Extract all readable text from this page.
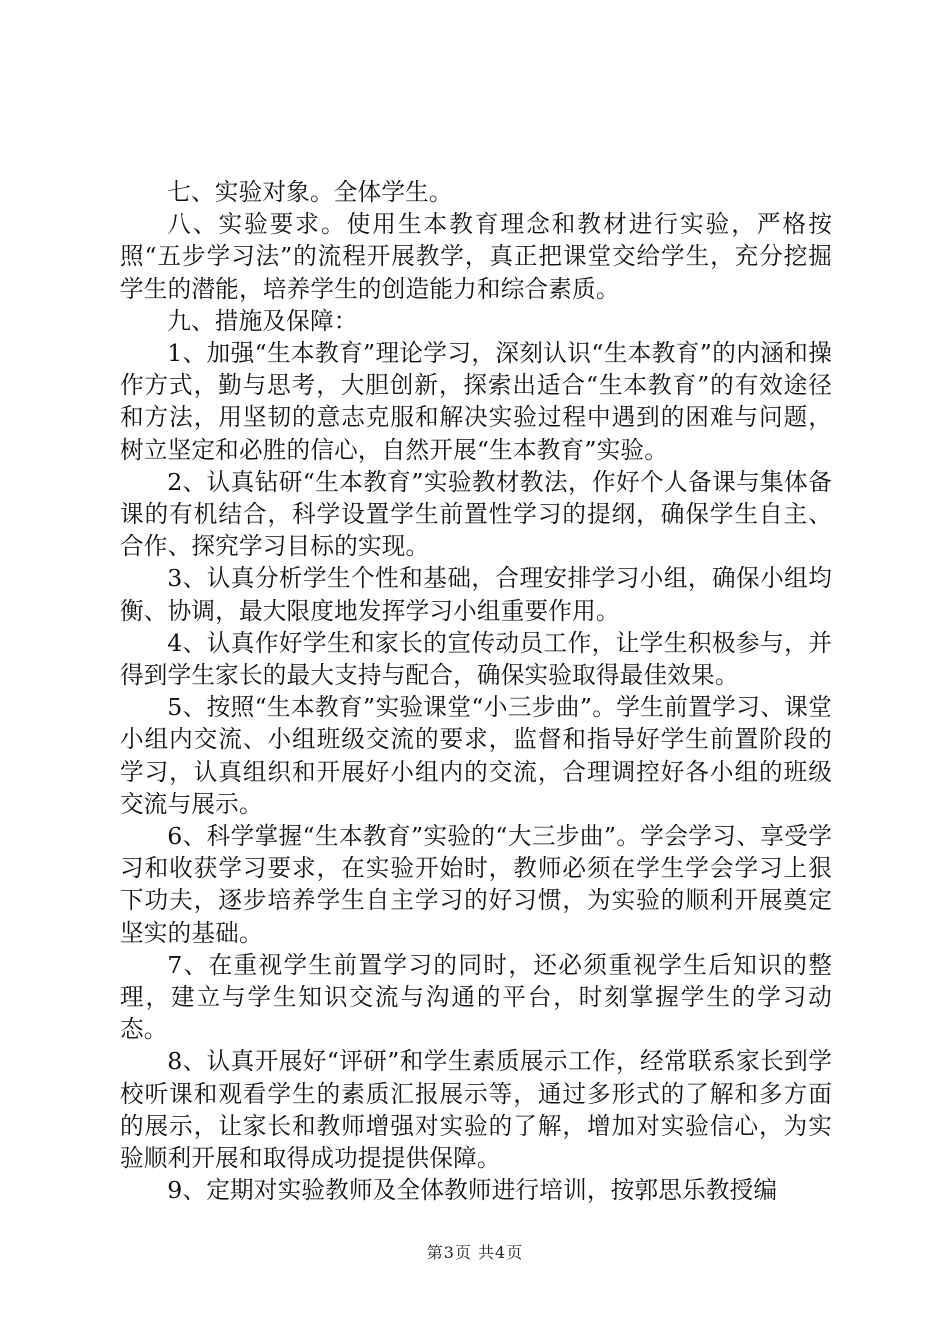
七、实验对象。全体学生。

八、实验要求。使用生本教育理念和教材进行实验，严格按照“五步学习法”的流程开展教学，真正把课堂交给学生，充分挖掘学生的潜能，培养学生的创造能力和综合素质。

九、措施及保障：

1、加强“生本教育”理论学习，深刻认识“生本教育”的内涵和操作方式，勤与思考，大胆创新，探索出适合“生本教育”的有效途径和方法，用坚韧的意志克服和解决实验过程中遇到的困难与问题，树立坚定和必胜的信心，自然开展“生本教育”实验。

2、认真钻研“生本教育”实验教材教法，作好个人备课与集体备课的有机结合，科学设置学生前置性学习的提纲，确保学生自主、合作、探究学习目标的实现。

3、认真分析学生个性和基础，合理安排学习小组，确保小组均衡、协调，最大限度地发挥学习小组重要作用。

4、认真作好学生和家长的宣传动员工作，让学生积极参与，并得到学生家长的最大支持与配合，确保实验取得最佳效果。

5、按照“生本教育”实验课堂“小三步曲”。学生前置学习、课堂小组内交流、小组班级交流的要求，监督和指导好学生前置阶段的学习，认真组织和开展好小组内的交流，合理调控好各小组的班级交流与展示。

6、科学掌握“生本教育”实验的“大三步曲”。学会学习、享受学习和收获学习要求，在实验开始时，教师必须在学生学会学习上狠下功夫，逐步培养学生自主学习的好习惯，为实验的顺利开展奠定坚实的基础。

7、在重视学生前置学习的同时，还必须重视学生后知识的整理，建立与学生知识交流与沟通的平台，时刻掌握学生的学习动态。

8、认真开展好“评研”和学生素质展示工作，经常联系家长到学校听课和观看学生的素质汇报展示等，通过多形式的了解和多方面的展示，让家长和教师增强对实验的了解，增加对实验信心，为实验顺利开展和取得成功提提供保障。

9、定期对实验教师及全体教师进行培训，按郭思乐教授编

第3页 共4页
